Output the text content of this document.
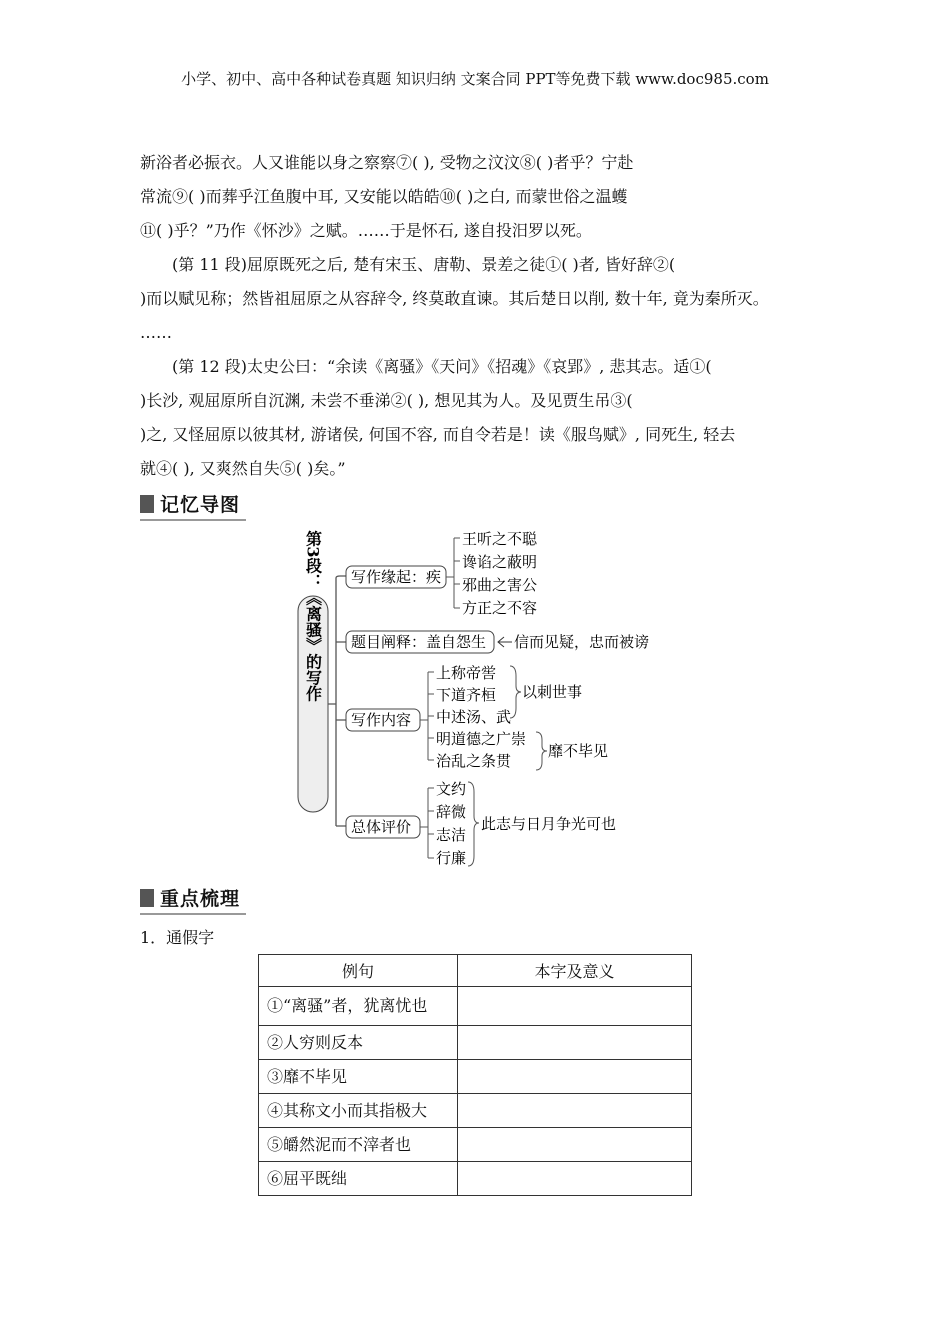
小学、初中、高中各种试卷真题 知识归纳 文案合同 PPT等免费下载 www.doc985.com

新浴者必振衣。人又谁能以身之察察⑦( ), 受物之汶汶⑧( )者乎？宁赴

常流⑨( )而葬乎江鱼腹中耳, 又安能以皓皓⑩( )之白, 而蒙世俗之温蠖

⑪( )乎？”乃作《怀沙》之赋。……于是怀石, 遂自投汨罗以死。

(第 11 段)屈原既死之后, 楚有宋玉、唐勒、景差之徒①( )者, 皆好辞②(

)而以赋见称；然皆祖屈原之从容辞令, 终莫敢直谏。其后楚日以削, 数十年, 竟为秦所灭。

……

(第 12 段)太史公曰：“余读《离骚》《天问》《招魂》《哀郢》, 悲其志。适①(

)长沙, 观屈原所自沉渊, 未尝不垂涕②( ), 想见其为人。及见贾生吊③(

)之, 又怪屈原以彼其材, 游诸侯, 何国不容, 而自令若是！读《服鸟赋》, 同死生, 轻去

就④( ), 又爽然自失⑤( )矣。”

记忆导图
第3段：《离骚》的写作 写作缘起：疾
王听之不聪
谗谄之蔽明
邪曲之害公
方正之不容
题目阐释：盖自怨生 信而见疑，忠而被谤
写作内容
上称帝喾
下道齐桓
中述汤、武
以刺世事
明道德之广崇
治乱之条贯
靡不毕见
总体评价
文约
辞微
志洁
行廉
此志与日月争光可也
重点梳理
1．通假字
例句	本字及意义
①“离骚”者，犹离忧也	
②人穷则反本	
③靡不毕见	
④其称文小而其指极大	
⑤皭然泥而不滓者也	
⑥屈平既绌	
